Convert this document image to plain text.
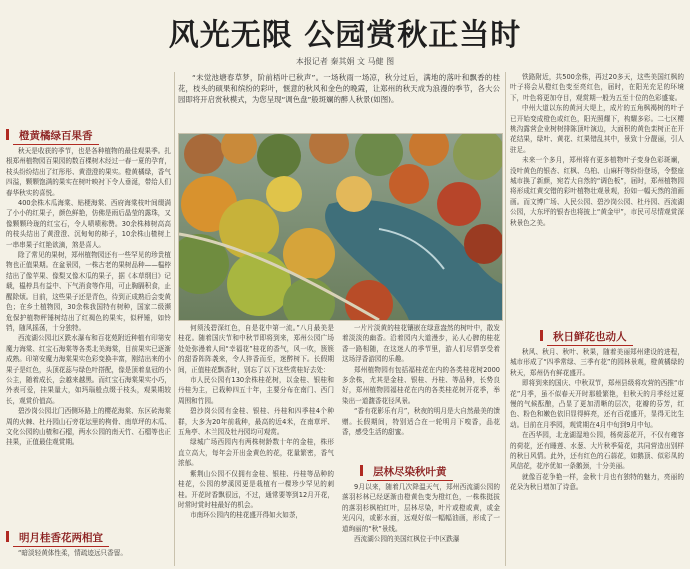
风光无限 公园赏秋正当时
本报记者 秦其娟 文 马健 图
“未觉池塘春草梦，阶前梧叶已秋声”。一场秋雨一场凉，秋分过后，满地的落叶和飘香的桂花，枝头的硕果和缤纷的彩叶，惬意的秋风和金色的晚霞，让郑州的秋天成为浪漫的季节，各大公园即将开启赏秋模式，为您呈现“调色盘”般斑斓的醉人秋景(如图)。
橙黄橘绿百果香

秋天是收获的季节，也是各种植物的最佳观果季。扎根郑州植物园百果园的数百棵树木经过一春一夏的孕育，枝头纷纷结出了红彤彤、黄澄澄的果实。橙黄橘绿，香气四溢，颗颗饱满的果实在树叶映衬下令人垂涎，带给人们春华秋实的喜悦。

400余株木瓜海棠、贴梗海棠、西府海棠枝叶间缀满了小小的红果子，颜色鲜艳，仿佛是雨后晶莹的露珠，又像颗颗玲珑的红宝石，令人啧啧称赞。30余株柿树高高的枝头结出了黄澄澄、沉甸甸的柿子，10余株山楂树上一串串果子红艳欲滴，煞是喜人。

除了常见的果树，郑州植物园还有一些罕见的珍贵植物也正值果期。在盆景园，一株古老的果树品种——榅桲结出了像苹果、像梨又像木瓜的果子，据《本草纲目》记载，榅桲具有益中、下气消食等作用，可止胸膈积食，止醒除烦。目前，这些果子还是青色，待到正成熟后会变黄色；在乡土植物园，30余株我国特有树种，国家二级濒危保护植物秤锤树结出了红褐色的果实，似秤锤，如铃铛，随风摇荡，十分独特。

西流湖公园北区跌水瀑布和百花苑附近种植有印第安魔力海棠、红宝石海棠等各类北美海棠，目前果实已逐渐成熟。印第安魔力海棠果实色彩变换丰富，刚结出来的小果子是红色，头顶花蕊与绿色叶搭配，像是顶着皇冠的小公主，随着成长，会越来越黑。而红宝石海棠果实小巧，外表可爱，挂果量大，如玛瑙般点缀于枝头，观果期较长，观赏价值高。

碧沙岗公园北门西侧环路上的樱花海棠、东区砖海棠周的火棘、杜丹园山石旁花坛里的枸骨、南草坪的木瓜、文化公园的山楂和石榴，两水公园的南天竹、石榴等也正挂果，正值最佳观赏期。

明月桂香花两相宜

“暗淡轻黄体性柔，情疏迹远只香留。

何须浅碧深红色，自是花中第一流。”八月最美是桂花。随着国庆节和中秋节即将到来，郑州公园广场处处弥漫着人间“幸福花”桂花的香气，风一吹，簇簇的甜香阵阵袭来，令人猝香而至，迷醉树下。长假期间，正值桂花飘香时，别忘了以下这些赏桂好去处：

市人民公园有130余株桂花树，以金桂、银桂和丹桂为主，已栽种四五十年，主要分布在南门、西门周围和竹园。

碧沙岗公园有金桂、银桂、丹桂和四季桂4个种群，大多为20年前栽种，最高的近4米，在南草坪、五角亭、木兰园及牡丹园均可观赏。

绿城广场西园内有两株树龄数十年的金桂，株形直立高大，每年会开出金黄色的花，花量繁密，香气浓郁。

紫荆山公园不仅拥有金桂、银桂、丹桂等品种的桂花，公园的梦溪园更是栽植有一棵珍少罕见的刺桂。开花时香飘很远，不过，通常要等到12月开花，时常时赏时桂最好的机会。

市南环公园内的桂花盛开得如火如荼，

一片片淡黄的桂花镶嵌在绿意盎然的树叶中，散发着淡淡的幽香。沿着园内大道漫步，沁人心脾的桂花香一路相随，在这迷人的季节里，游人们尽情享受着这场浮香游园的乐趣。

郑州植物园有包括福桂花在内的各类桂花树2000多余株，尤其是金桂、银桂、丹桂、等品种，长势良好，郑州植物园福桂花在内的各类桂花树开花季，举染出一道馥香花径风景。

“香有花影乐有月”，秋夜的明月是大自然最美的馈赠。长假期间，特别适合在一轮明月下嗅香，品花香，感受生活的甜蜜。

层林尽染秋叶黄

9月以来，随着几次降温天气，郑州西流湖公园的落羽杉林已经逐渐由橙黄色变为橙红色，一株株挺拔的落羽杉枫柏红叶，层林尽染，叶片或橙或黄，或金光闪闪，或影水面，远观好似一幅幅油画，形成了一道绚丽的“秋”景线。

西流湖公园的美国红枫位于中区跌瀑

铁路附近，共500余株，再过20多天，这些美国红枫的叶子将会从橙红色变至亮红色，届时，在阳光充足的环境下，叶色将更加夺目，观赏期一般为五至十位的色彩盛宴。

中州大道以东的黄河大堤上，成片的五角枫褐树的叶子已开始变成橙色或红色，阳光照耀下，构耀多彩。二七区樱桃沟露营企业树树排陈顶叶演边，大面积的黄色栾树正在开花结果，绿叶、黄花、红果错乱其中，景致十分靓丽，引人驻足。

未来一个多月，郑州将有更多植物叶子变身色彩斑斓，没叶黄色的银杏、红枫、乌桕、山麻杆等纷纷登场，令整座城市换了新颜，宛若大自然的“调色板”，届时，郑州植物园将形成红黄交错的彩叶植物壮观景观，扮如一幅天然的油画画。而文博广场、人民公园、碧沙岗公园、杜丹园、西流湖公园，大东坪的银杏也将披上“黄金甲”，市民可尽情观赏深秋景色之美。

秋日鲜花也动人

秋风、秋月、秋叶、秋果，随着美丽郑州建设的进程，城市形成了“四季常绿、三季有花”的园林景观，橙黄橘绿的秋天，郑州仍有鲜花盛开。

即将到来的国庆、中秋双节，郑州县级将攻营的西推“市花”月季，虽不似春天开时那般繁艳，但秋天的月季经过夏慢的气候酝酿，凸显了更加清晰的层次，花瓣的芬芳，红色、粉色和嫩色依旧显得鲜亮，还有百花盛开，显得无比生动。目前在月季园，观赏期在4月中旬到9月中旬。

在西华园，北龙湖湿地公园，杨荷蕊花开，不仅有雍容的荷花，还有睡莲、水葱、大片秋季菊花，共同营造出别样的秋日风情。此外，还有红色的石蒜花，如鹅顶、似彩凤的风信花，花序优如一条鹅颈，十分美丽。

就像百花争艳一样，金秋十月也有独特的魅力，亮丽的花朵为秋日增加了诗意。
